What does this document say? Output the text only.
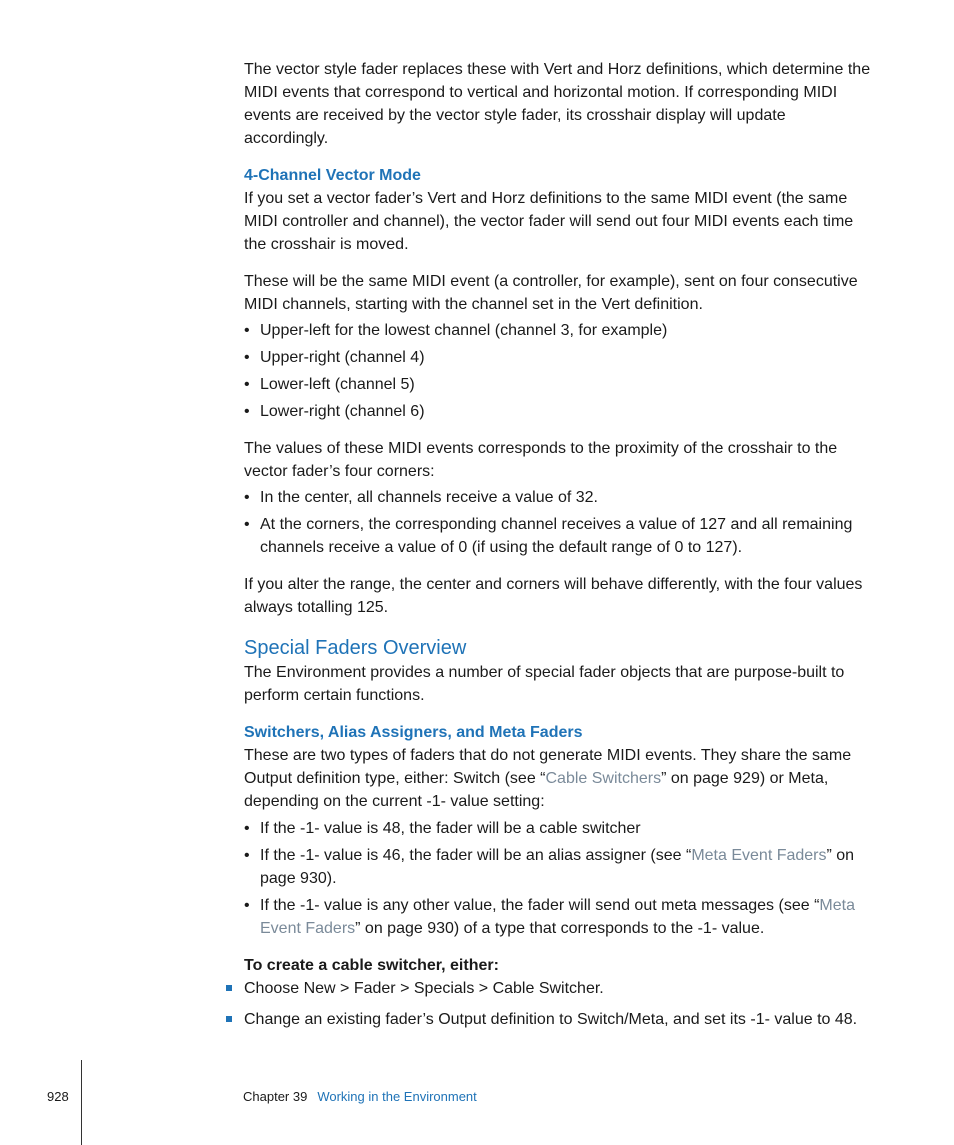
The vector style fader replaces these with Vert and Horz definitions, which determine the MIDI events that correspond to vertical and horizontal motion. If corresponding MIDI events are received by the vector style fader, its crosshair display will update accordingly.

4-Channel Vector Mode

If you set a vector fader’s Vert and Horz definitions to the same MIDI event (the same MIDI controller and channel), the vector fader will send out four MIDI events each time the crosshair is moved.

These will be the same MIDI event (a controller, for example), sent on four consecutive MIDI channels, starting with the channel set in the Vert definition.

• Upper-left for the lowest channel (channel 3, for example)
• Upper-right (channel 4)
• Lower-left (channel 5)
• Lower-right (channel 6)

The values of these MIDI events corresponds to the proximity of the crosshair to the vector fader’s four corners:

• In the center, all channels receive a value of 32.
• At the corners, the corresponding channel receives a value of 127 and all remaining channels receive a value of 0 (if using the default range of 0 to 127).

If you alter the range, the center and corners will behave differently, with the four values always totalling 125.

Special Faders Overview

The Environment provides a number of special fader objects that are purpose-built to perform certain functions.

Switchers, Alias Assigners, and Meta Faders

These are two types of faders that do not generate MIDI events. They share the same Output definition type, either: Switch (see “Cable Switchers” on page 929) or Meta, depending on the current -1- value setting:

• If the -1- value is 48, the fader will be a cable switcher
• If the -1- value is 46, the fader will be an alias assigner (see “Meta Event Faders” on page 930).
• If the -1- value is any other value, the fader will send out meta messages (see “Meta Event Faders” on page 930) of a type that corresponds to the -1- value.

To create a cable switcher, either:

Choose New > Fader > Specials > Cable Switcher.
Change an existing fader’s Output definition to Switch/Meta, and set its -1- value to 48.
928	Chapter 39 Working in the Environment
